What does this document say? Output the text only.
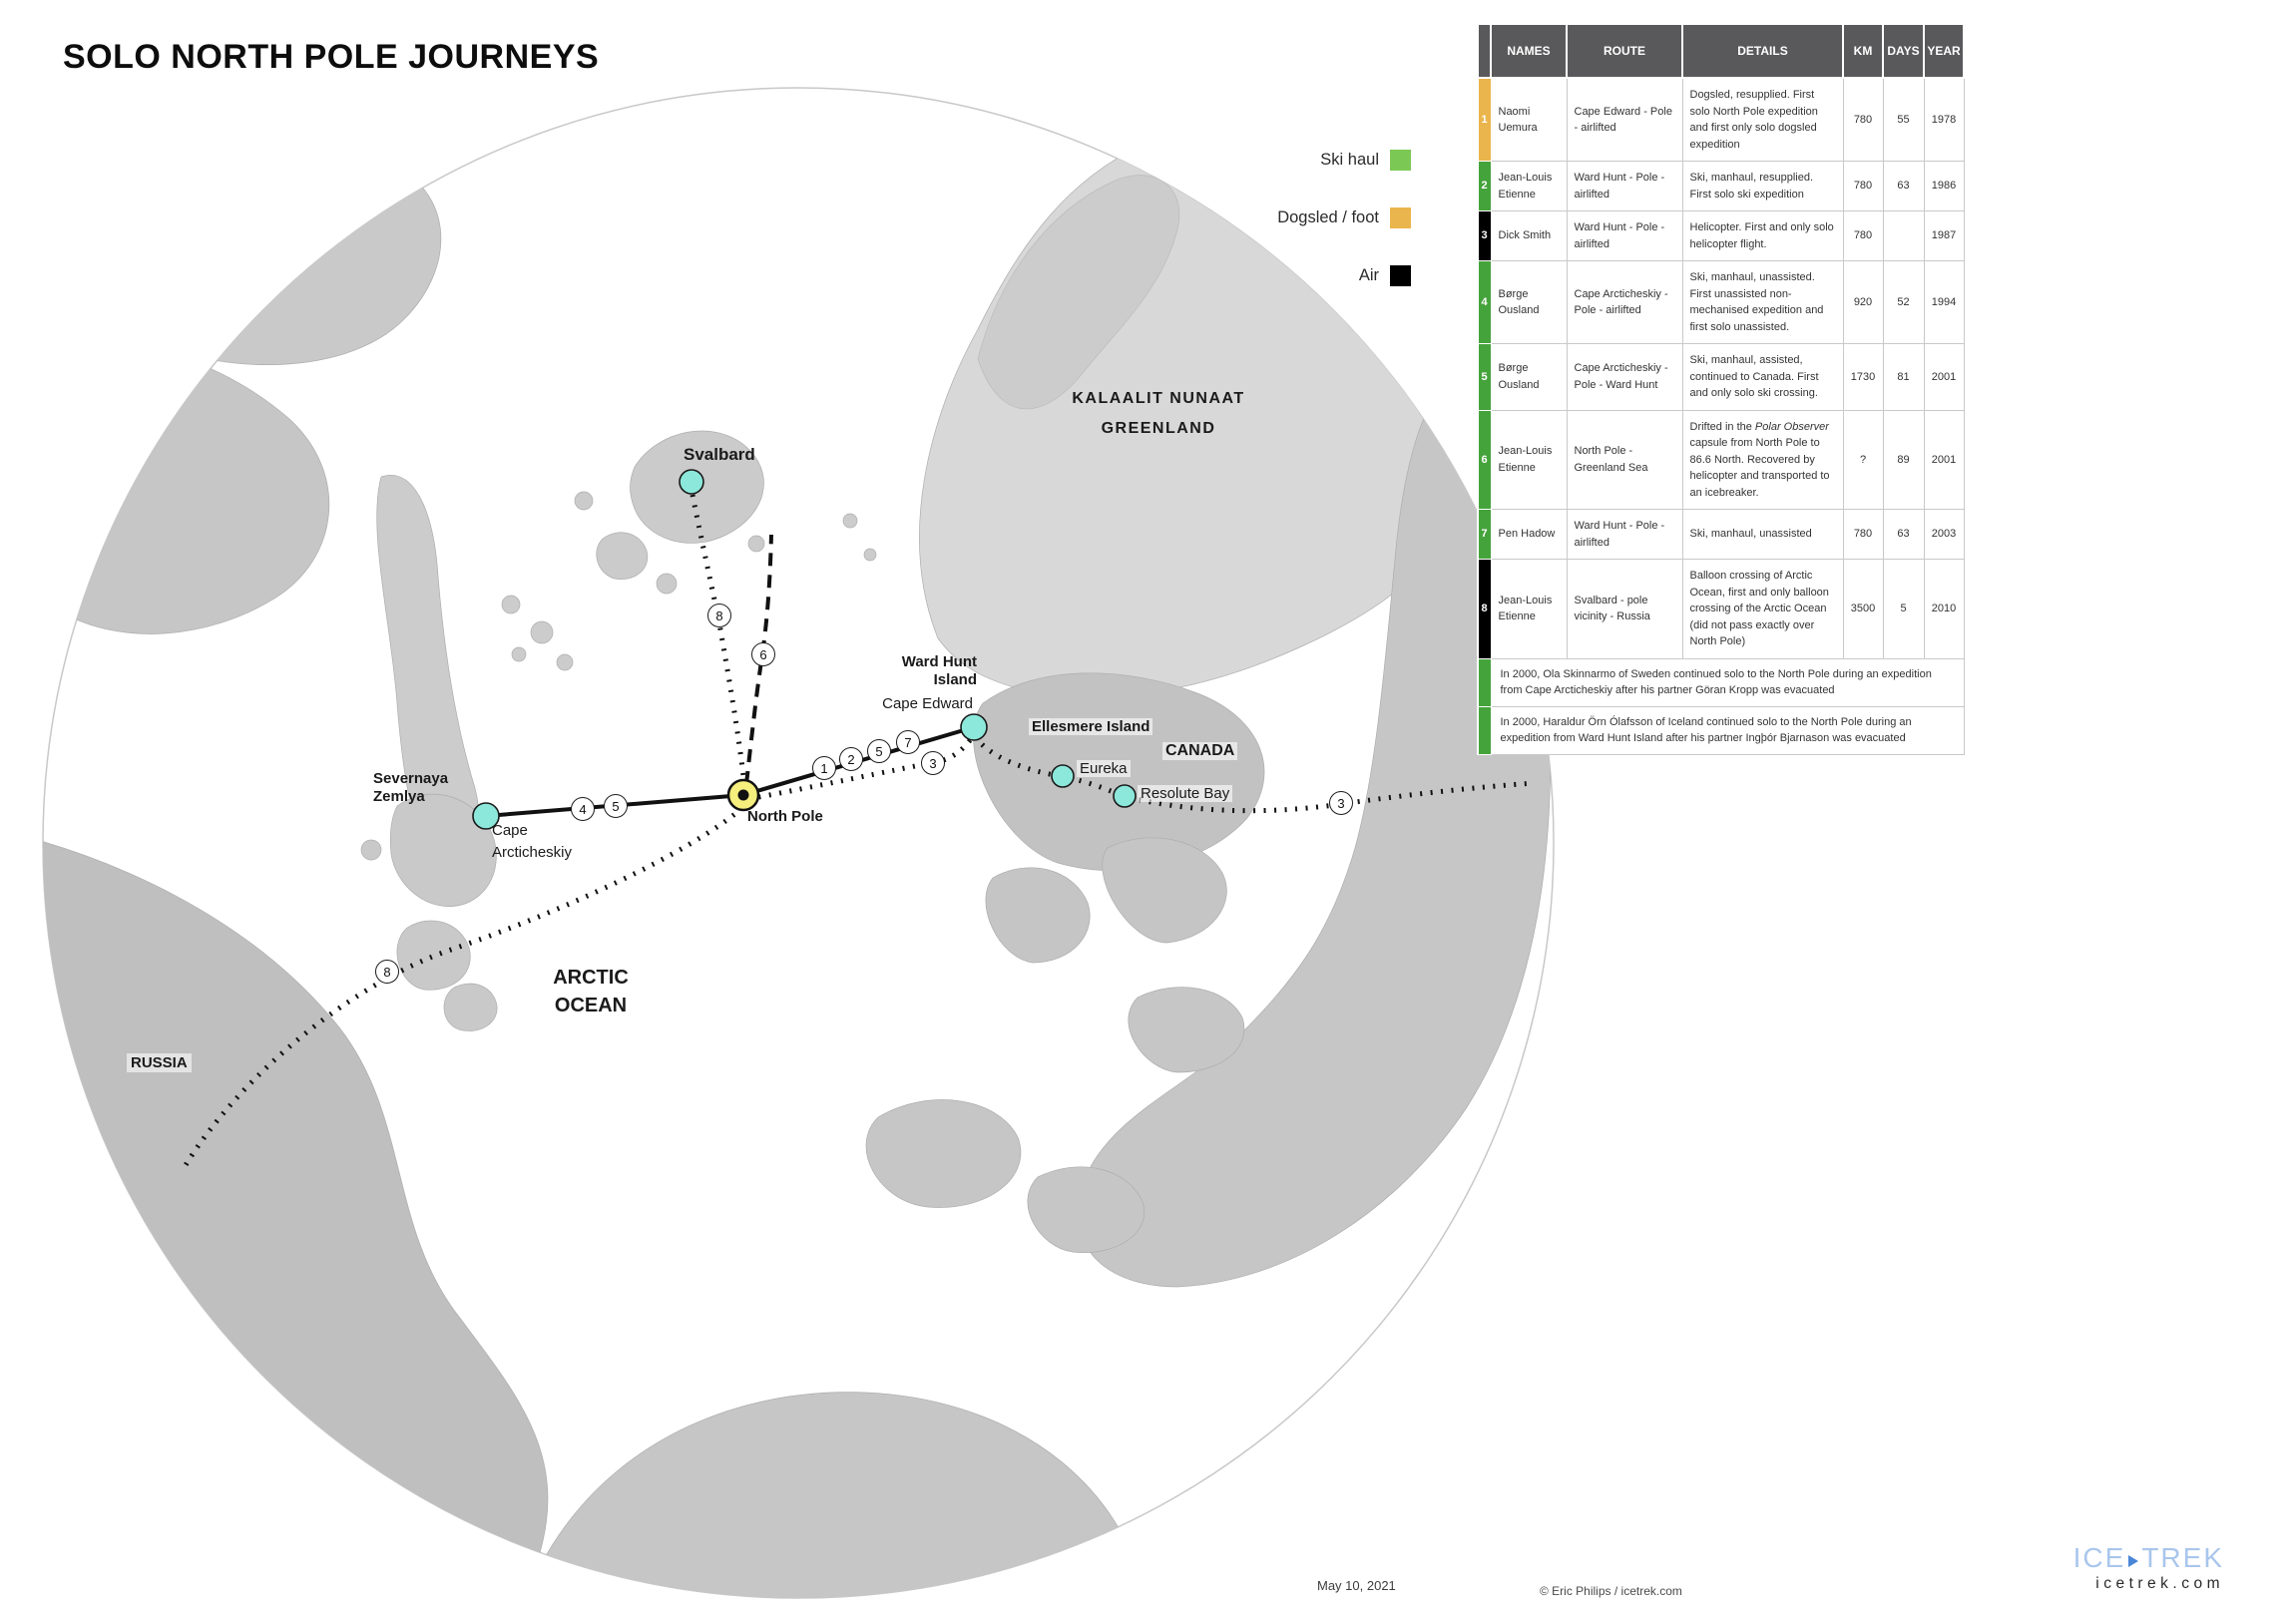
SOLO NORTH POLE JOURNEYS
Svalbard
Severnaya
Zemlya
Cape
Arcticheskiy
North Pole
Ward Hunt
Island
Cape Edward
Ellesmere Island
CANADA
Eureka
Resolute Bay
KALAALIT NUNAAT
GREENLAND
ARCTIC
OCEAN
RUSSIA
1
2
5
7
3
4	5
6
8
8
3
Ski haul
Dogsled / foot
Air
	NAMES	ROUTE	DETAILS	KM	DAYS	YEAR
1	Naomi Uemura	Cape Edward - Pole - airlifted	Dogsled, resupplied. First solo North Pole expedition and first only solo dogsled expedition	780	55	1978
2	Jean-Louis Etienne	Ward Hunt - Pole - airlifted	Ski, manhaul, resupplied. First solo ski expedition	780	63	1986
3	Dick Smith	Ward Hunt - Pole - airlifted	Helicopter. First and only solo helicopter flight.	780		1987
4	Børge Ousland	Cape Arcticheskiy - Pole - airlifted	Ski, manhaul, unassisted. First unassisted non-mechanised expedition and first solo unassisted.	920	52	1994
5	Børge Ousland	Cape Arcticheskiy - Pole - Ward Hunt	Ski, manhaul, assisted, continued to Canada. First and only solo ski crossing.	1730	81	2001
6	Jean-Louis Etienne	North Pole - Greenland Sea	Drifted in the Polar Observer capsule from North Pole to 86.6 North. Recovered by helicopter and transported to an icebreaker.	?	89	2001
7	Pen Hadow	Ward Hunt - Pole - airlifted	Ski, manhaul, unassisted	780	63	2003
8	Jean-Louis Etienne	Svalbard - pole vicinity - Russia	Balloon crossing of Arctic Ocean, first and only balloon crossing of the Arctic Ocean (did not pass exactly over North Pole)	3500	5	2010
	In 2000, Ola Skinnarmo of Sweden continued solo to the North Pole during an expedition from Cape Arcticheskiy after his partner Göran Kropp was evacuated					
	In 2000, Haraldur Örn Ólafsson of Iceland continued solo to the North Pole during an expedition from Ward Hunt Island after his partner Ingþór Bjarnason was evacuated					
May 10, 2021	© Eric Philips / icetrek.com
ICE TREK
icetrek.com
